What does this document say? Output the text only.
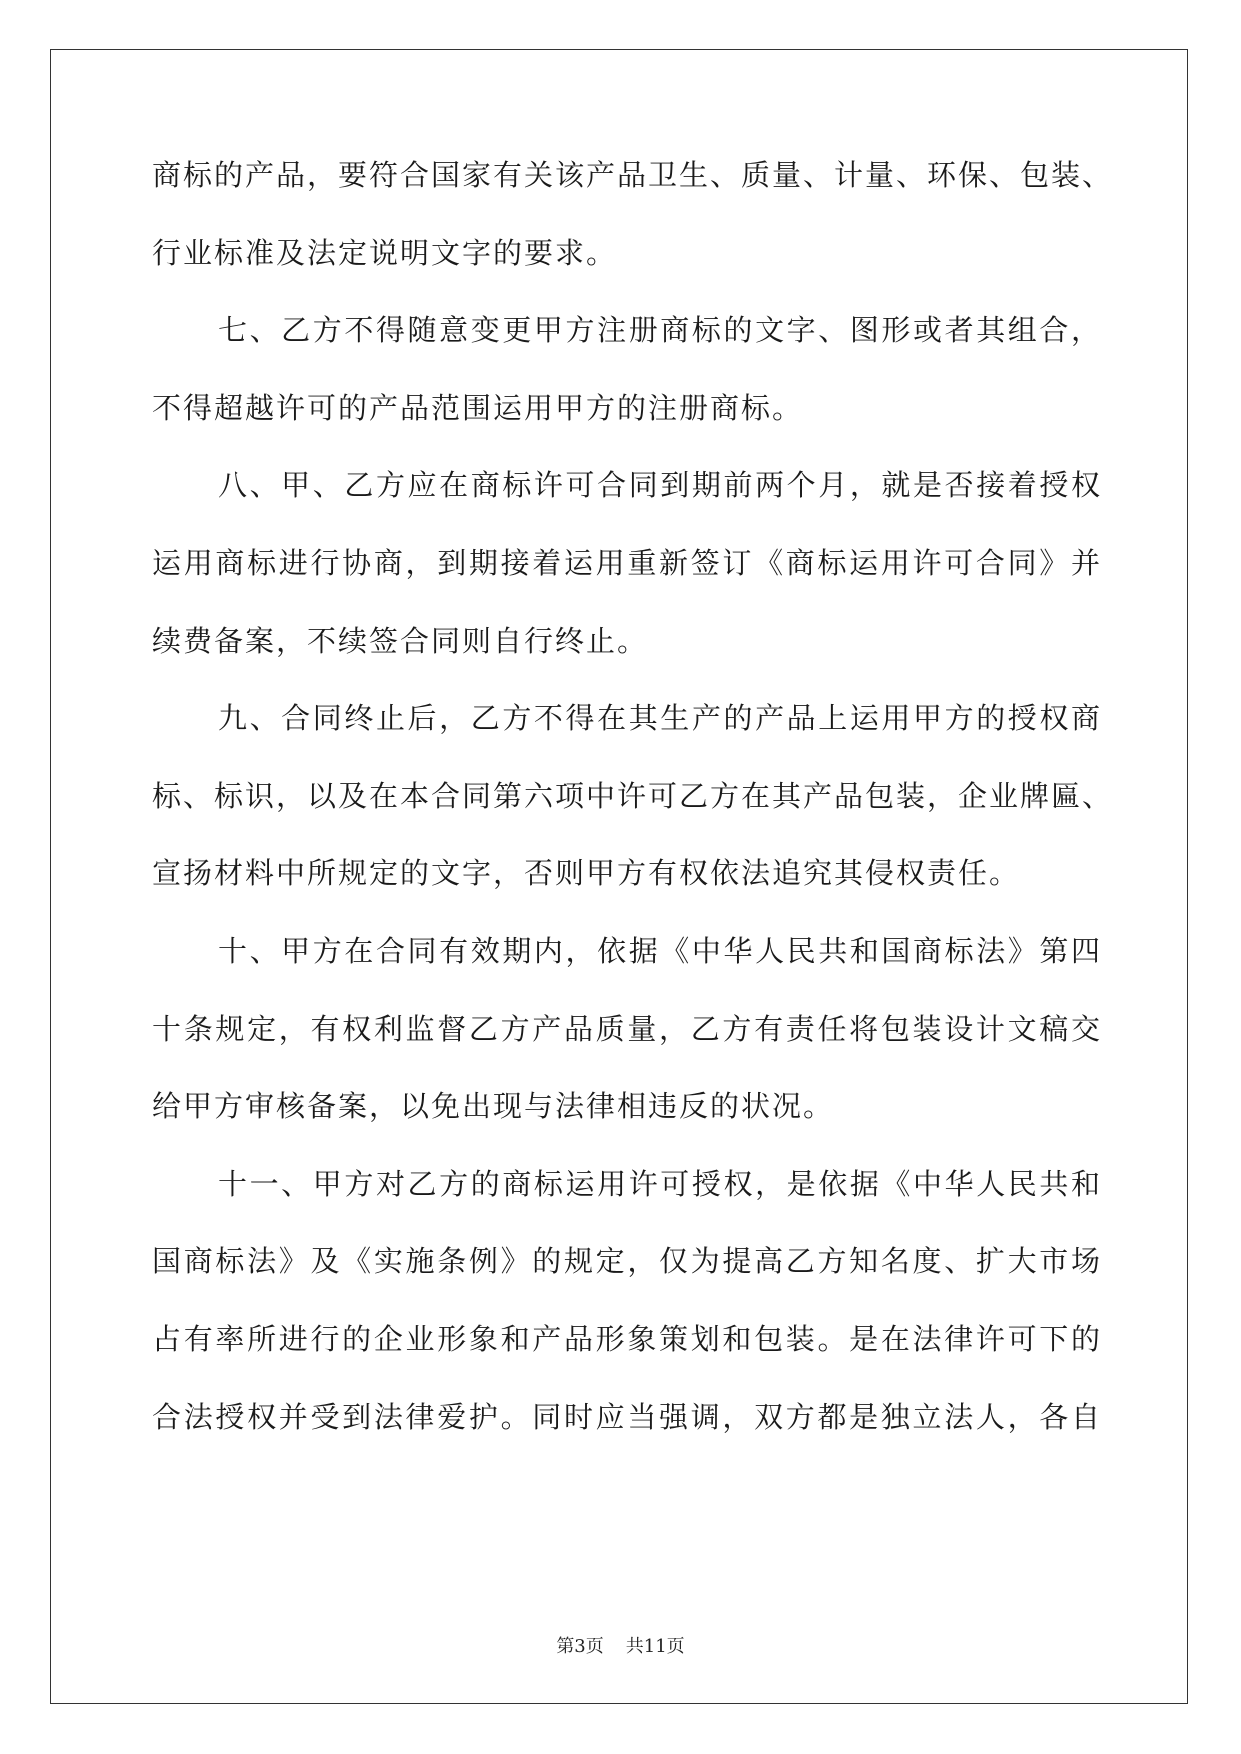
商标的产品，要符合国家有关该产品卫生、质量、计量、环保、包装、
行业标准及法定说明文字的要求。
七、乙方不得随意变更甲方注册商标的文字、图形或者其组合，
不得超越许可的产品范围运用甲方的注册商标。
八、甲、乙方应在商标许可合同到期前两个月，就是否接着授权
运用商标进行协商，到期接着运用重新签订《商标运用许可合同》并
续费备案，不续签合同则自行终止。
九、合同终止后，乙方不得在其生产的产品上运用甲方的授权商
标、标识，以及在本合同第六项中许可乙方在其产品包装，企业牌匾、
宣扬材料中所规定的文字，否则甲方有权依法追究其侵权责任。
十、甲方在合同有效期内，依据《中华人民共和国商标法》第四
十条规定，有权利监督乙方产品质量，乙方有责任将包装设计文稿交
给甲方审核备案，以免出现与法律相违反的状况。
十一、甲方对乙方的商标运用许可授权，是依据《中华人民共和
国商标法》及《实施条例》的规定，仅为提高乙方知名度、扩大市场
占有率所进行的企业形象和产品形象策划和包装。是在法律许可下的
合法授权并受到法律爱护。同时应当强调，双方都是独立法人，各自
第3页 共11页
